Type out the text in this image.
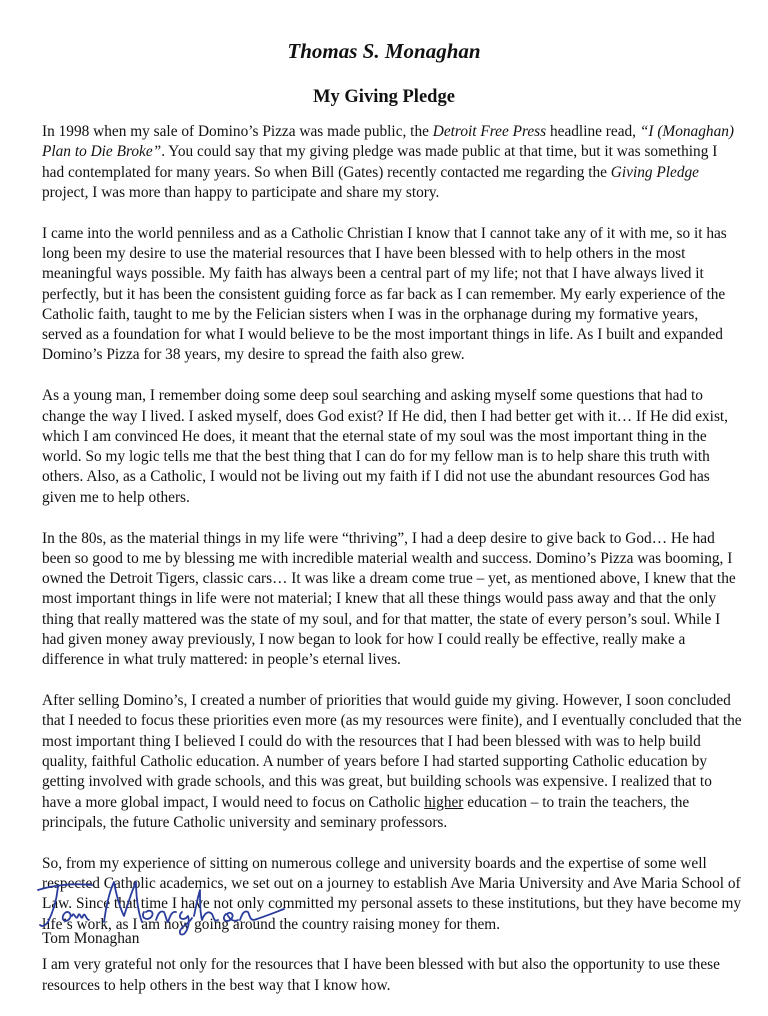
Thomas S. Monaghan
My Giving Pledge

In 1998 when my sale of Domino’s Pizza was made public, the Detroit Free Press headline read, “I (Monaghan) Plan to Die Broke”. You could say that my giving pledge was made public at that time, but it was something I had contemplated for many years. So when Bill (Gates) recently contacted me regarding the Giving Pledge project, I was more than happy to participate and share my story.

I came into the world penniless and as a Catholic Christian I know that I cannot take any of it with me, so it has long been my desire to use the material resources that I have been blessed with to help others in the most meaningful ways possible. My faith has always been a central part of my life; not that I have always lived it perfectly, but it has been the consistent guiding force as far back as I can remember. My early experience of the Catholic faith, taught to me by the Felician sisters when I was in the orphanage during my formative years, served as a foundation for what I would believe to be the most important things in life. As I built and expanded Domino’s Pizza for 38 years, my desire to spread the faith also grew.

As a young man, I remember doing some deep soul searching and asking myself some questions that had to change the way I lived. I asked myself, does God exist? If He did, then I had better get with it… If He did exist, which I am convinced He does, it meant that the eternal state of my soul was the most important thing in the world. So my logic tells me that the best thing that I can do for my fellow man is to help share this truth with others. Also, as a Catholic, I would not be living out my faith if I did not use the abundant resources God has given me to help others.

In the 80s, as the material things in my life were “thriving”, I had a deep desire to give back to God… He had been so good to me by blessing me with incredible material wealth and success. Domino’s Pizza was booming, I owned the Detroit Tigers, classic cars… It was like a dream come true – yet, as mentioned above, I knew that the most important things in life were not material; I knew that all these things would pass away and that the only thing that really mattered was the state of my soul, and for that matter, the state of every person’s soul. While I had given money away previously, I now began to look for how I could really be effective, really make a difference in what truly mattered: in people’s eternal lives.

After selling Domino’s, I created a number of priorities that would guide my giving. However, I soon concluded that I needed to focus these priorities even more (as my resources were finite), and I eventually concluded that the most important thing I believed I could do with the resources that I had been blessed with was to help build quality, faithful Catholic education. A number of years before I had started supporting Catholic education by getting involved with grade schools, and this was great, but building schools was expensive. I realized that to have a more global impact, I would need to focus on Catholic higher education – to train the teachers, the principals, the future Catholic university and seminary professors.

So, from my experience of sitting on numerous college and university boards and the expertise of some well respected Catholic academics, we set out on a journey to establish Ave Maria University and Ave Maria School of Law. Since that time I have not only committed my personal assets to these institutions, but they have become my life’s work, as I am now going around the country raising money for them.

I am very grateful not only for the resources that I have been blessed with but also the opportunity to use these resources to help others in the best way that I know how.

Tom Monaghan
